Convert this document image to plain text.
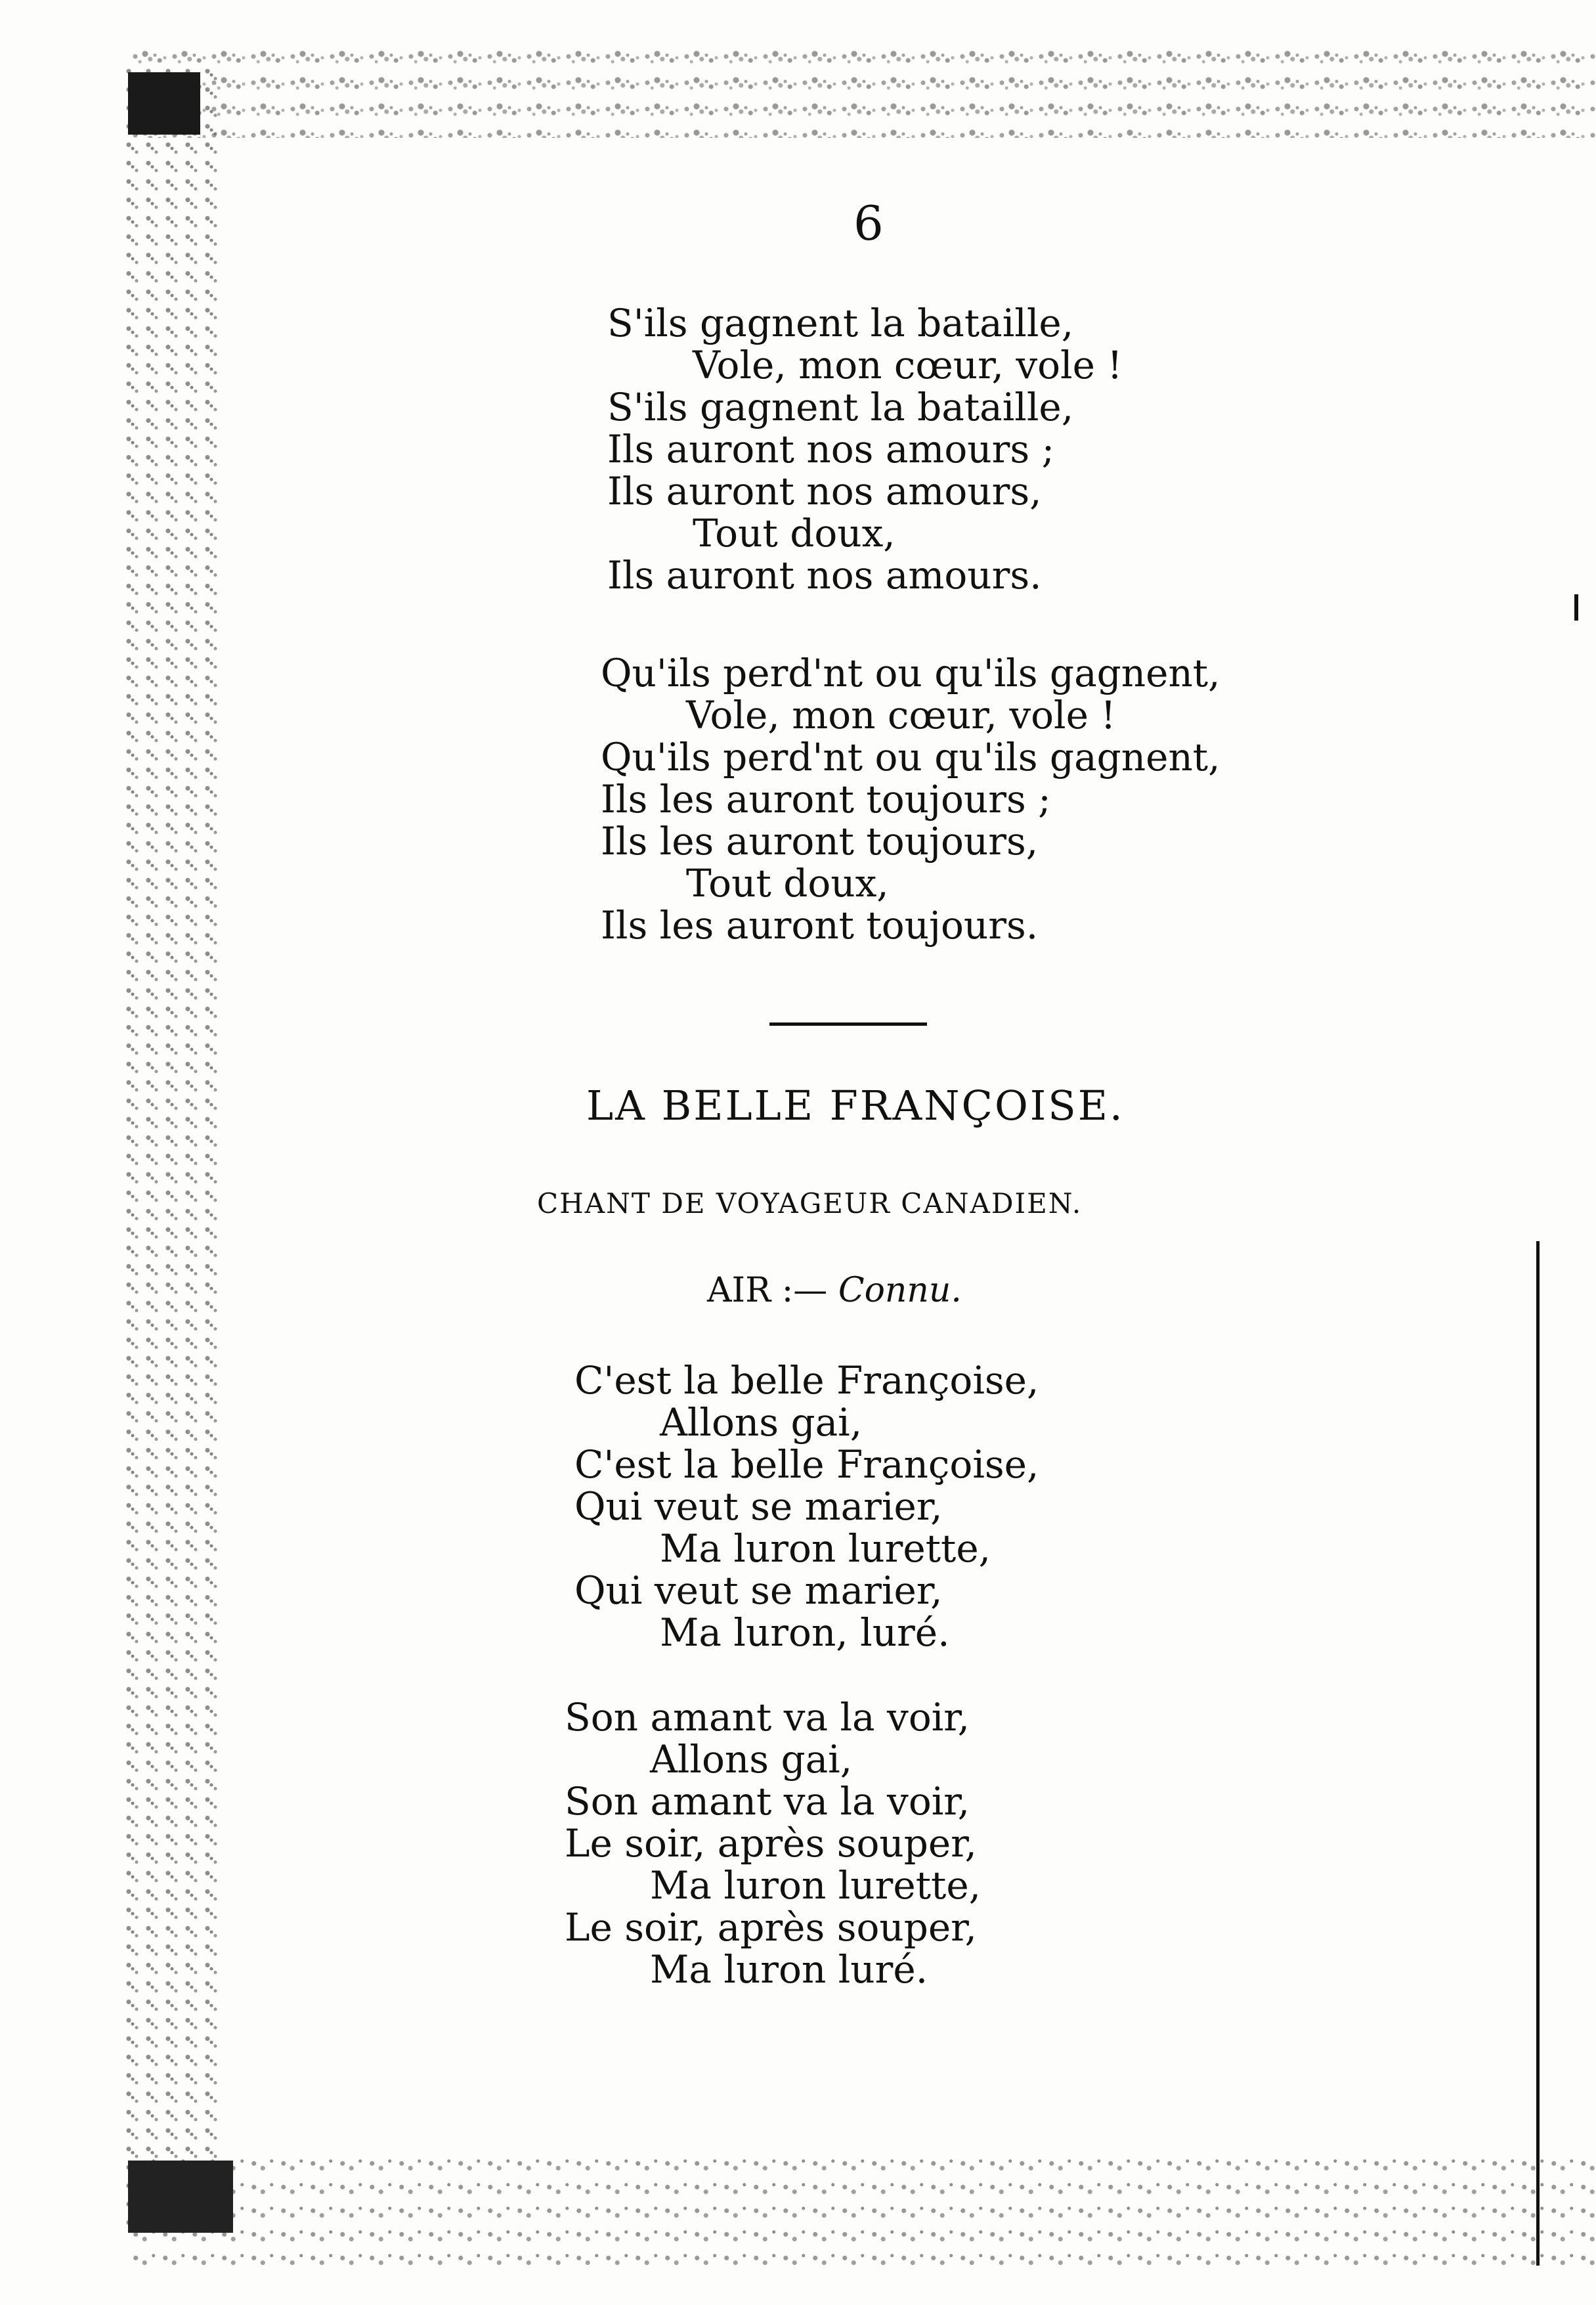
6
S'ils gagnent la bataille,
Vole, mon cœur, vole !
S'ils gagnent la bataille,
Ils auront nos amours ;
Ils auront nos amours,
Tout doux,
Ils auront nos amours.
Qu'ils perd'nt ou qu'ils gagnent,
Vole, mon cœur, vole !
Qu'ils perd'nt ou qu'ils gagnent,
Ils les auront toujours ;
Ils les auront toujours,
Tout doux,
Ils les auront toujours.
LA BELLE FRANÇOISE.
CHANT DE VOYAGEUR CANADIEN.
AIR :— Connu.
C'est la belle Françoise,
Allons gai,
C'est la belle Françoise,
Qui veut se marier,
Ma luron lurette,
Qui veut se marier,
Ma luron, luré.
Son amant va la voir,
Allons gai,
Son amant va la voir,
Le soir, après souper,
Ma luron lurette,
Le soir, après souper,
Ma luron luré.
